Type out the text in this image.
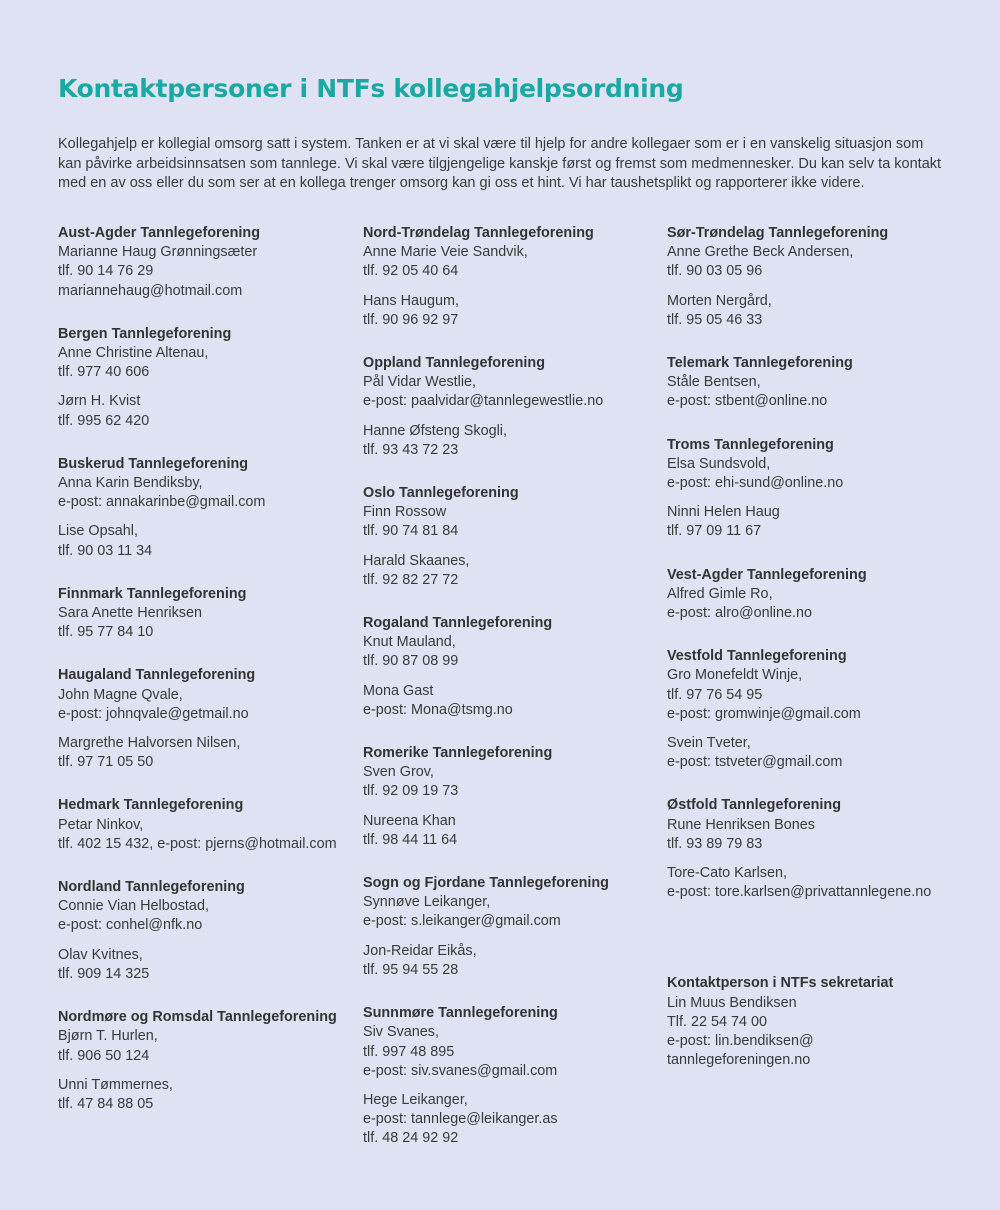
Kontaktpersoner i NTFs kollegahjelpsordning

Kollegahjelp er kollegial omsorg satt i system. Tanken er at vi skal være til hjelp for andre kollegaer som er i en vanskelig situasjon som kan påvirke arbeidsinnsatsen som tannlege. Vi skal være tilgjengelige kanskje først og fremst som medmennesker. Du kan selv ta kontakt med en av oss eller du som ser at en kollega trenger omsorg kan gi oss et hint. Vi har taushetsplikt og rapporterer ikke videre.

Aust-Agder Tannlegeforening
Marianne Haug Grønningsæter
tlf. 90 14 76 29
mariannehaug@hotmail.com
Bergen Tannlegeforening
Anne Christine Altenau,
tlf. 977 40 606
Jørn H. Kvist
tlf. 995 62 420
Buskerud Tannlegeforening
Anna Karin Bendiksby,
e-post: annakarinbe@gmail.com
Lise Opsahl,
tlf. 90 03 11 34
Finnmark Tannlegeforening
Sara Anette Henriksen
tlf. 95 77 84 10
Haugaland Tannlegeforening
John Magne Qvale,
e-post: johnqvale@getmail.no
Margrethe Halvorsen Nilsen,
tlf. 97 71 05 50
Hedmark Tannlegeforening
Petar Ninkov,
tlf. 402 15 432, e-post: pjerns@hotmail.com
Nordland Tannlegeforening
Connie Vian Helbostad,
e-post: conhel@nfk.no
Olav Kvitnes,
tlf. 909 14 325
Nordmøre og Romsdal Tannlegeforening
Bjørn T. Hurlen,
tlf. 906 50 124
Unni Tømmernes,
tlf. 47 84 88 05
Nord-Trøndelag Tannlegeforening
Anne Marie Veie Sandvik,
tlf. 92 05 40 64
Hans Haugum,
tlf. 90 96 92 97
Oppland Tannlegeforening
Pål Vidar Westlie,
e-post: paalvidar@tannlegewestlie.no
Hanne Øfsteng Skogli,
tlf. 93 43 72 23
Oslo Tannlegeforening
Finn Rossow
tlf. 90 74 81 84
Harald Skaanes,
tlf. 92 82 27 72
Rogaland Tannlegeforening
Knut Mauland,
tlf. 90 87 08 99
Mona Gast
e-post: Mona@tsmg.no
Romerike Tannlegeforening
Sven Grov,
tlf. 92 09 19 73
Nureena Khan
tlf. 98 44 11 64
Sogn og Fjordane Tannlegeforening
Synnøve Leikanger,
e-post: s.leikanger@gmail.com
Jon-Reidar Eikås,
tlf. 95 94 55 28
Sunnmøre Tannlegeforening
Siv Svanes,
tlf. 997 48 895
e-post: siv.svanes@gmail.com
Hege Leikanger,
e-post: tannlege@leikanger.as
tlf. 48 24 92 92
Sør-Trøndelag Tannlegeforening
Anne Grethe Beck Andersen,
tlf. 90 03 05 96
Morten Nergård,
tlf. 95 05 46 33
Telemark Tannlegeforening
Ståle Bentsen,
e-post: stbent@online.no
Troms Tannlegeforening
Elsa Sundsvold,
e-post: ehi-sund@online.no
Ninni Helen Haug
tlf. 97 09 11 67
Vest-Agder Tannlegeforening
Alfred Gimle Ro,
e-post: alro@online.no
Vestfold Tannlegeforening
Gro Monefeldt Winje,
tlf. 97 76 54 95
e-post: gromwinje@gmail.com
Svein Tveter,
e-post: tstveter@gmail.com
Østfold Tannlegeforening
Rune Henriksen Bones
tlf. 93 89 79 83
Tore-Cato Karlsen,
e-post: tore.karlsen@privattannlegene.no
Kontaktperson i NTFs sekretariat
Lin Muus Bendiksen
Tlf. 22 54 74 00
e-post: lin.bendiksen@
tannlegeforeningen.no
